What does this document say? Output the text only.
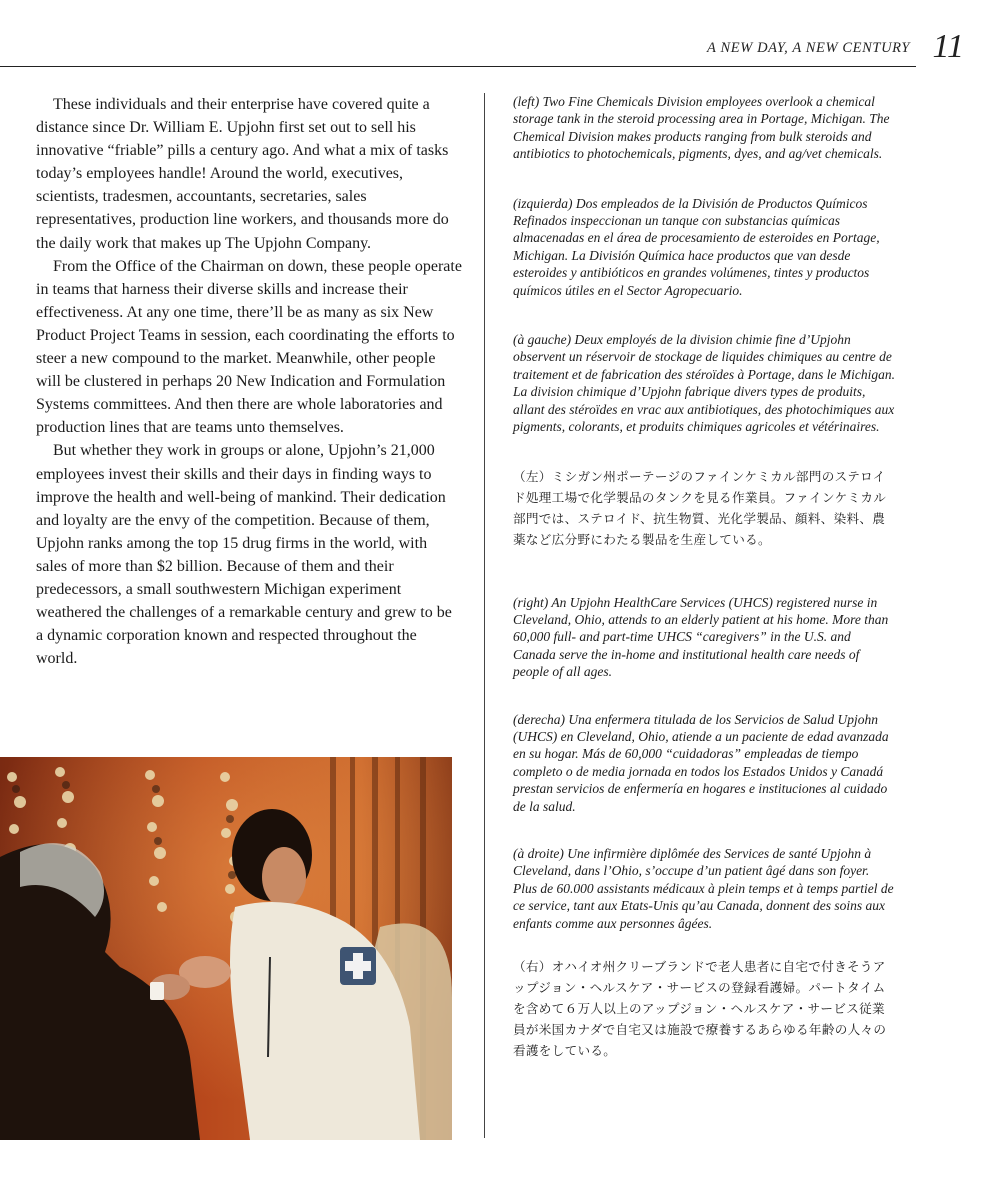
A NEW DAY, A NEW CENTURY 11

These individuals and their enterprise have covered quite a distance since Dr. William E. Upjohn first set out to sell his innovative “friable” pills a century ago. And what a mix of tasks today’s employees handle! Around the world, executives, scientists, tradesmen, accountants, secretaries, sales representatives, production line workers, and thousands more do the daily work that makes up The Upjohn Company.

From the Office of the Chairman on down, these people operate in teams that harness their diverse skills and increase their effectiveness. At any one time, there’ll be as many as six New Product Project Teams in session, each coordinating the efforts to steer a new compound to the market. Meanwhile, other people will be clustered in perhaps 20 New Indication and Formulation Systems committees. And then there are whole laboratories and production lines that are teams unto themselves.

But whether they work in groups or alone, Upjohn’s 21,000 employees invest their skills and their days in finding ways to improve the health and well-being of mankind. Their dedication and loyalty are the envy of the competition. Because of them, Upjohn ranks among the top 15 drug firms in the world, with sales of more than $2 billion. Because of them and their predecessors, a small southwestern Michigan experiment weathered the challenges of a remarkable century and grew to be a dynamic corporation known and respected throughout the world.

(left) Two Fine Chemicals Division employees overlook a chemical storage tank in the steroid processing area in Portage, Michigan. The Chemical Division makes products ranging from bulk steroids and antibiotics to photochemicals, pigments, dyes, and ag/vet chemicals.

(izquierda) Dos empleados de la División de Productos Químicos Refinados inspeccionan un tanque con substancias químicas almacenadas en el área de procesamiento de esteroides en Portage, Michigan. La División Química hace productos que van desde esteroides y antibióticos en grandes volúmenes, tintes y productos químicos útiles en el Sector Agropecuario.

(à gauche) Deux employés de la division chimie fine d’Upjohn observent un réservoir de stockage de liquides chimiques au centre de traitement et de fabrication des stéroïdes à Portage, dans le Michigan. La division chimique d’Upjohn fabrique divers types de produits, allant des stéroïdes en vrac aux antibiotiques, des photochimiques aux pigments, colorants, et produits chimiques agricoles et vétérinaires.

（左）ミシガン州ポーテージのファインケミカル部門のステロイド処理工場で化学製品のタンクを見る作業員。ファインケミカル部門では、ステロイド、抗生物質、光化学製品、顔料、染料、農薬など広分野にわたる製品を生産している。

(right) An Upjohn HealthCare Services (UHCS) registered nurse in Cleveland, Ohio, attends to an elderly patient at his home. More than 60,000 full- and part-time UHCS “caregivers” in the U.S. and Canada serve the in-home and institutional health care needs of people of all ages.

(derecha) Una enfermera titulada de los Servicios de Salud Upjohn (UHCS) en Cleveland, Ohio, atiende a un paciente de edad avanzada en su hogar. Más de 60,000 “cuidadoras” empleadas de tiempo completo o de media jornada en todos los Estados Unidos y Canadá prestan servicios de enfermería en hogares e instituciones al cuidado de la salud.

(à droite) Une infirmière diplômée des Services de santé Upjohn à Cleveland, dans l’Ohio, s’occupe d’un patient âgé dans son foyer. Plus de 60.000 assistants médicaux à plein temps et à temps partiel de ce service, tant aux Etats-Unis qu’au Canada, donnent des soins aux enfants comme aux personnes âgées.

（右）オハイオ州クリーブランドで老人患者に自宅で付きそうアップジョン・ヘルスケア・サービスの登録看護婦。パートタイムを含めて６万人以上のアップジョン・ヘルスケア・サービス従業員が米国カナダで自宅又は施設で療養するあらゆる年齢の人々の看護をしている。
